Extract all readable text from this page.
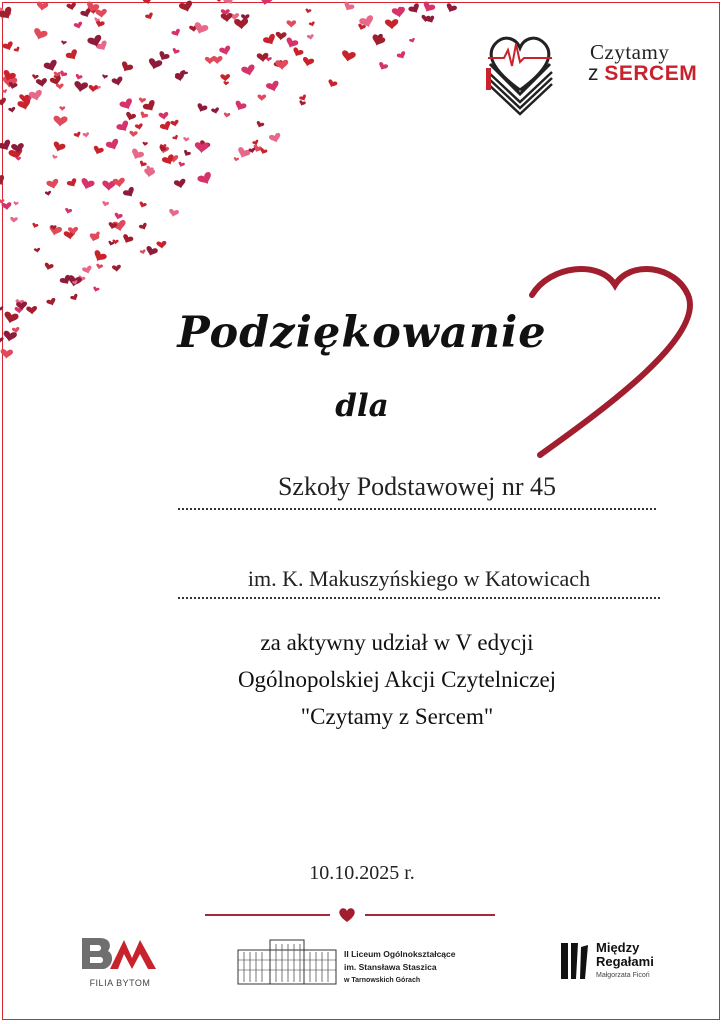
Czytamy
z SERCEM
Podziękowanie
dla
Szkoły Podstawowej nr 45
im. K. Makuszyńskiego w Katowicach
za aktywny udział w V edycji
Ogólnopolskiej Akcji Czytelniczej
"Czytamy z Sercem"
10.10.2025 r.
FILIA BYTOM
II Liceum Ogólnokształcące
im. Stansława Staszica
w Tarnowskich Górach
Między
Regałami
Małgorzata Ficoń
